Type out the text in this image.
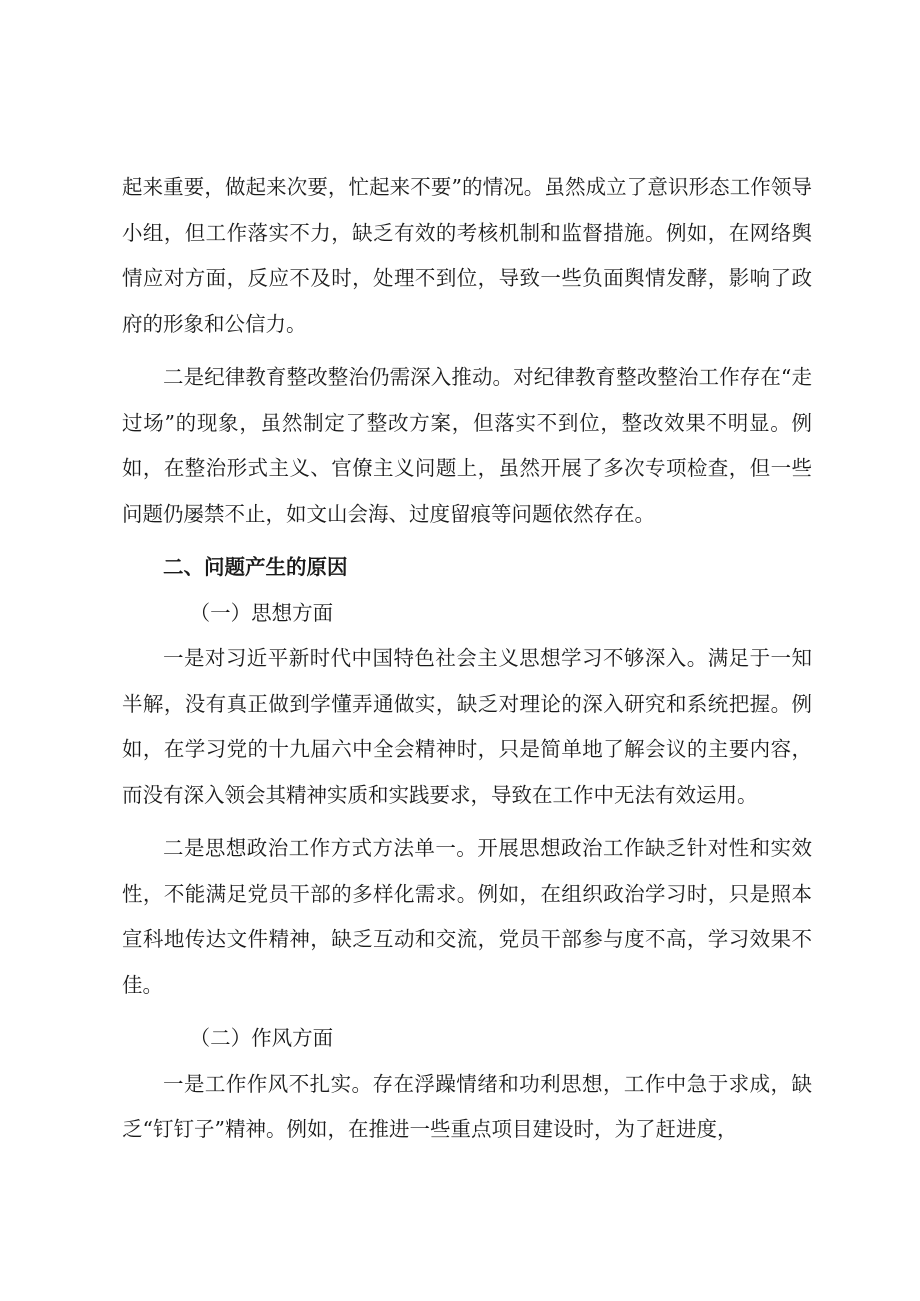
起来重要，做起来次要，忙起来不要”的情况。虽然成立了意识形态工作领导小组，但工作落实不力，缺乏有效的考核机制和监督措施。例如，在网络舆情应对方面，反应不及时，处理不到位，导致一些负面舆情发酵，影响了政府的形象和公信力。

二是纪律教育整改整治仍需深入推动。对纪律教育整改整治工作存在“走过场”的现象，虽然制定了整改方案，但落实不到位，整改效果不明显。例如，在整治形式主义、官僚主义问题上，虽然开展了多次专项检查，但一些问题仍屡禁不止，如文山会海、过度留痕等问题依然存在。

二、问题产生的原因

（一）思想方面

一是对习近平新时代中国特色社会主义思想学习不够深入。满足于一知半解，没有真正做到学懂弄通做实，缺乏对理论的深入研究和系统把握。例如，在学习党的十九届六中全会精神时，只是简单地了解会议的主要内容，而没有深入领会其精神实质和实践要求，导致在工作中无法有效运用。

二是思想政治工作方式方法单一。开展思想政治工作缺乏针对性和实效性，不能满足党员干部的多样化需求。例如，在组织政治学习时，只是照本宣科地传达文件精神，缺乏互动和交流，党员干部参与度不高，学习效果不佳。

（二）作风方面

一是工作作风不扎实。存在浮躁情绪和功利思想，工作中急于求成，缺乏“钉钉子”精神。例如，在推进一些重点项目建设时，为了赶进度，
